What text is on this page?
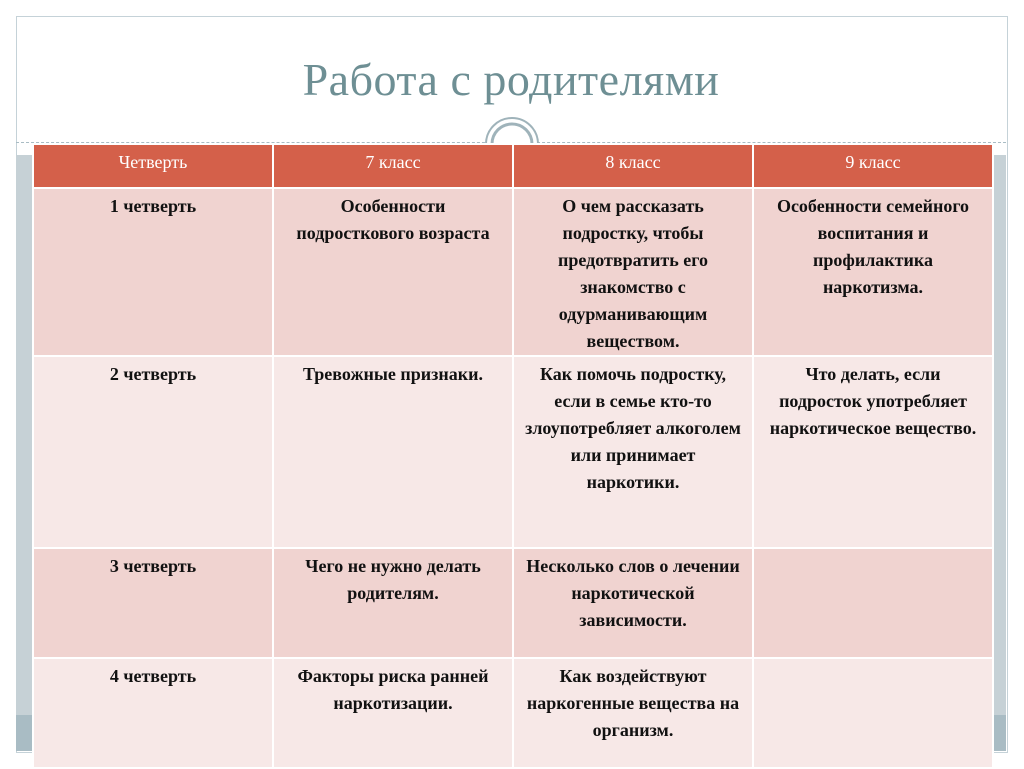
Работа с родителями
Четверть	7 класс	8 класс	9 класс
1 четверть	Особенности подросткового возраста	О чем рассказать подростку, чтобы предотвратить его знакомство с одурманивающим веществом.	Особенности семейного воспитания и профилактика наркотизма.
2 четверть	Тревожные признаки.	Как помочь подростку, если в семье кто-то злоупотребляет алкоголем или принимает наркотики.	Что делать, если подросток употребляет наркотическое вещество.
3 четверть	Чего не нужно делать родителям.	Несколько слов о лечении наркотической зависимости.	
4 четверть	Факторы риска ранней наркотизации.	Как воздействуют наркогенные вещества на организм.	
